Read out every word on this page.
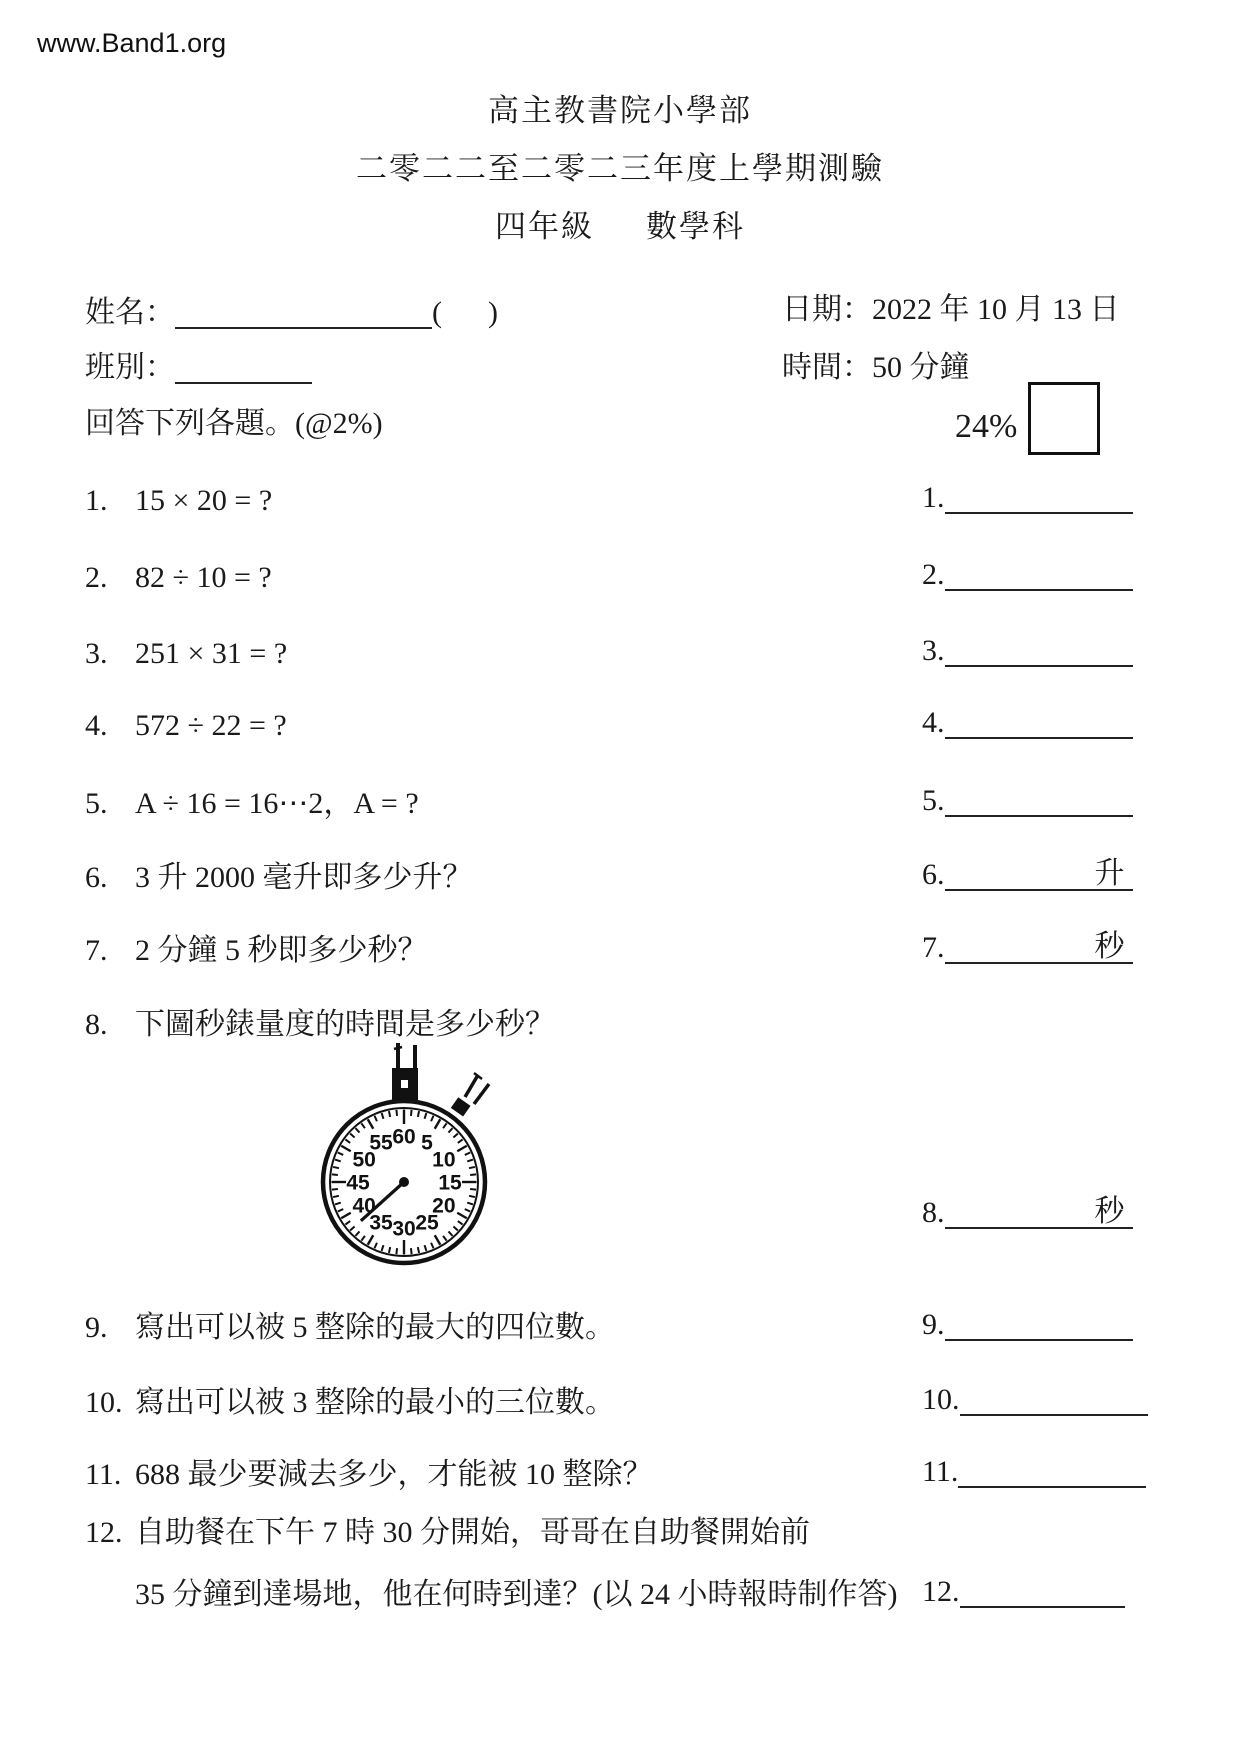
www.Band1.org
高主教書院小學部
二零二二至二零二三年度上學期測驗
四年級 數學科
姓名：	( )
班別：
日期：2022 年 10 月 13 日
時間：50 分鐘
回答下列各題。(@2%)	24%
1. 15 × 20 = ?
2. 82 ÷ 10 = ?
3. 251 × 31 = ?
4. 572 ÷ 22 = ?
5. A ÷ 16 = 16⋯2，A = ?
6. 3 升 2000 毫升即多少升？
7. 2 分鐘 5 秒即多少秒？
8. 下圖秒錶量度的時間是多少秒？
9. 寫出可以被 5 整除的最大的四位數。
10. 寫出可以被 3 整除的最小的三位數。
11. 688 最少要減去多少，才能被 10 整除？
12. 自助餐在下午 7 時 30 分開始，哥哥在自助餐開始前
35 分鐘到達場地，他在何時到達？(以 24 小時報時制作答)
1.
2.
3.
4.
5.
6.	升
7.	秒
8.	秒
9.
10.
11.
12.
60 5
10
15
20
25
30
35
40
45
50
55
